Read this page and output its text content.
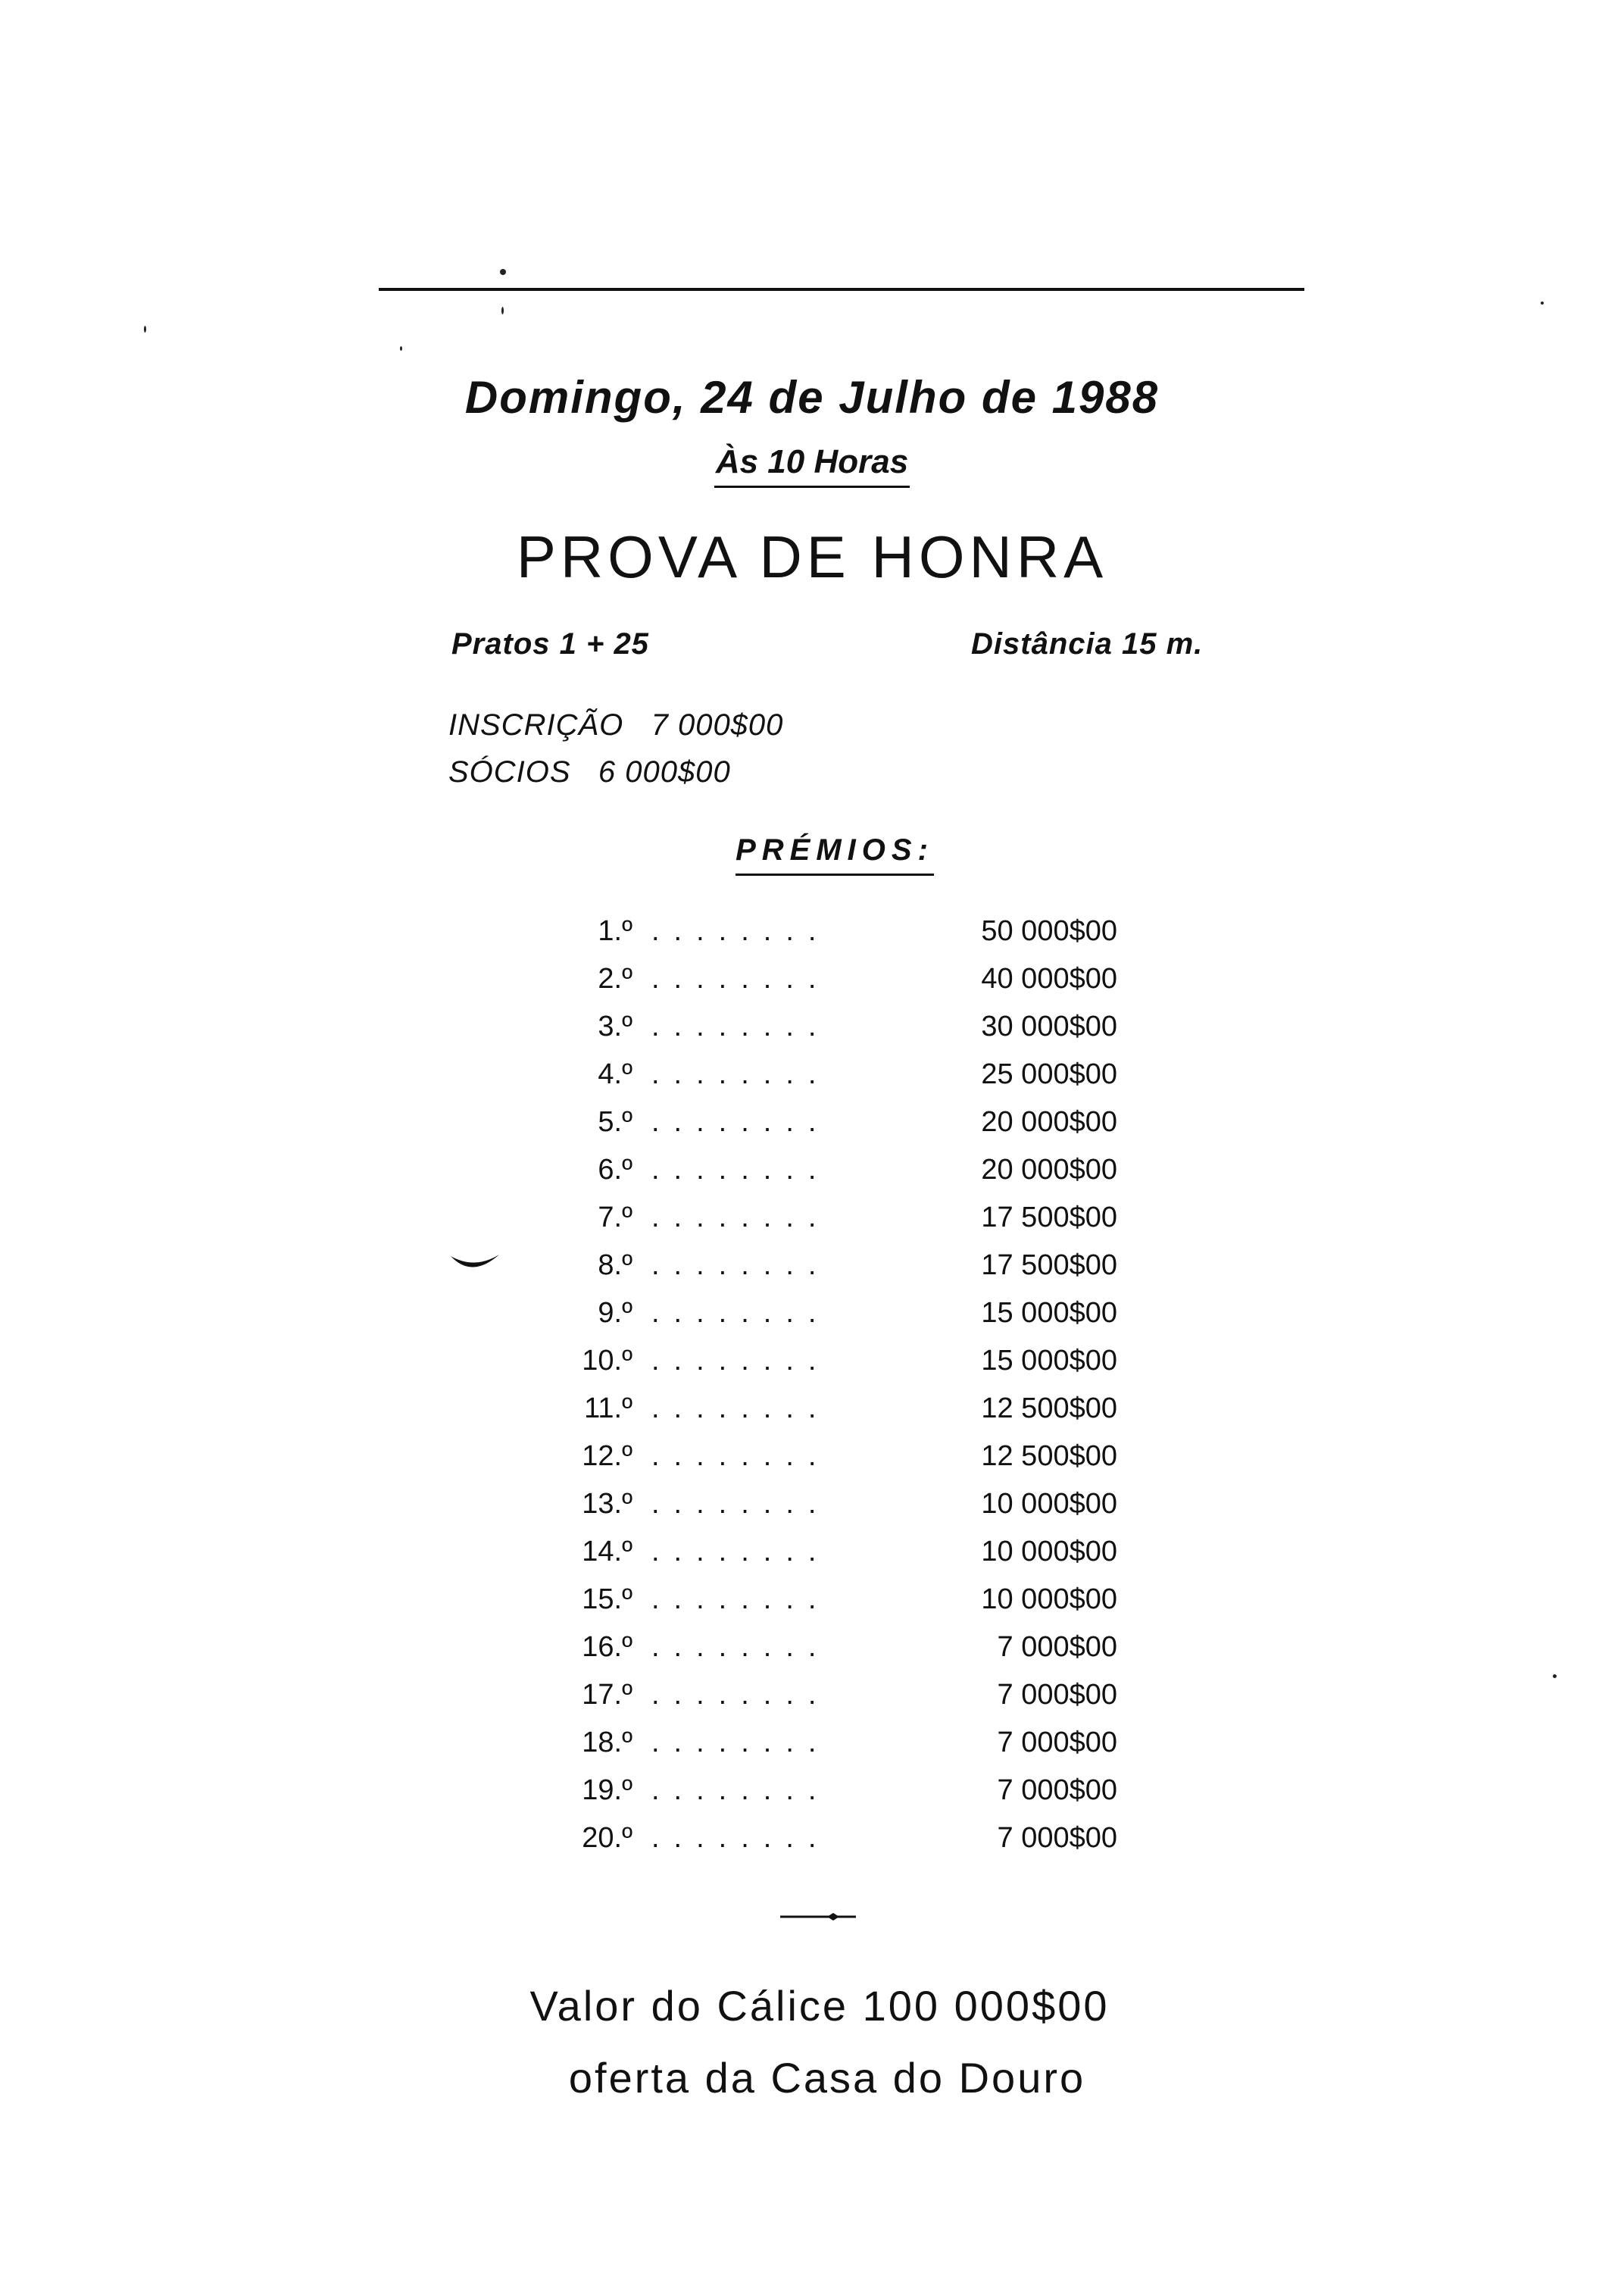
Domingo, 24 de Julho de 1988
Às 10 Horas
PROVA DE HONRA
Pratos 1 + 25	Distância 15 m.
INSCRIÇÃO   7 000$00
SÓCIOS   6 000$00
PRÉMIOS:
1.º ........	50 000$00
2.º ........	40 000$00
3.º ........	30 000$00
4.º ........	25 000$00
5.º ........	20 000$00
6.º ........	20 000$00
7.º ........	17 500$00
8.º ........	17 500$00
9.º ........	15 000$00
10.º ........	15 000$00
11.º ........	12 500$00
12.º ........	12 500$00
13.º ........	10 000$00
14.º ........	10 000$00
15.º ........	10 000$00
16.º ........	7 000$00
17.º ........	7 000$00
18.º ........	7 000$00
19.º ........	7 000$00
20.º ........	7 000$00
Valor do Cálice 100 000$00
oferta da Casa do Douro
